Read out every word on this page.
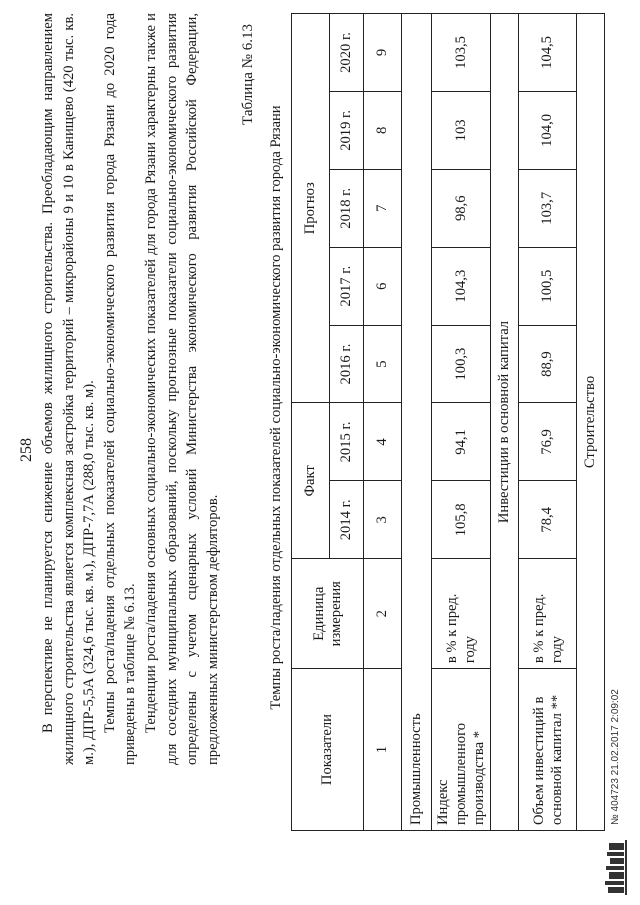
258 В перспективе не планируется снижение объемов жилищного строительства. Преобладающим направлением жилищного строительства является комплексная застройка территорий – микрорайоны 9 и 10 в Канищево (420 тыс. кв. м.), ДПР-5,5А (324,6 тыс. кв. м.), ДПР-7,7А (288,0 тыс. кв. м). Темпы роста/падения отдельных показателей социально-экономического развития города Рязани до 2020 года приведены в таблице № 6.13. Тенденции роста/падения основных социально-экономических показателей для города Рязани характерны также и для соседних муниципальных образований, поскольку прогнозные показатели социально-экономического развития определены с учетом сценарных условий Министерства экономического развития Российской Федерации, предложенных министерством дефляторов.

Таблица № 6.13
Темпы роста/падения отдельных показателей социально-экономического развития города Рязани
Показатели	Единица измерения	Факт		Прогноз				
		2014 г.	2015 г.	2016 г.	2017 г.	2018 г.	2019 г.	2020 г.
1	2	3	4	5	6	7	8	9
Промышленность								
Индекс промышленного производства *	в % к пред. году	105,8	94,1	100,3	104,3	98,6	103	103,5
Инвестиции в основной капитал								
Объем инвестиций в основной капитал **	в % к пред. году	78,4	76,9	88,9	100,5	103,7	104,0	104,5
Строительство								
№ 404723 21.02.2017 2:09:02
